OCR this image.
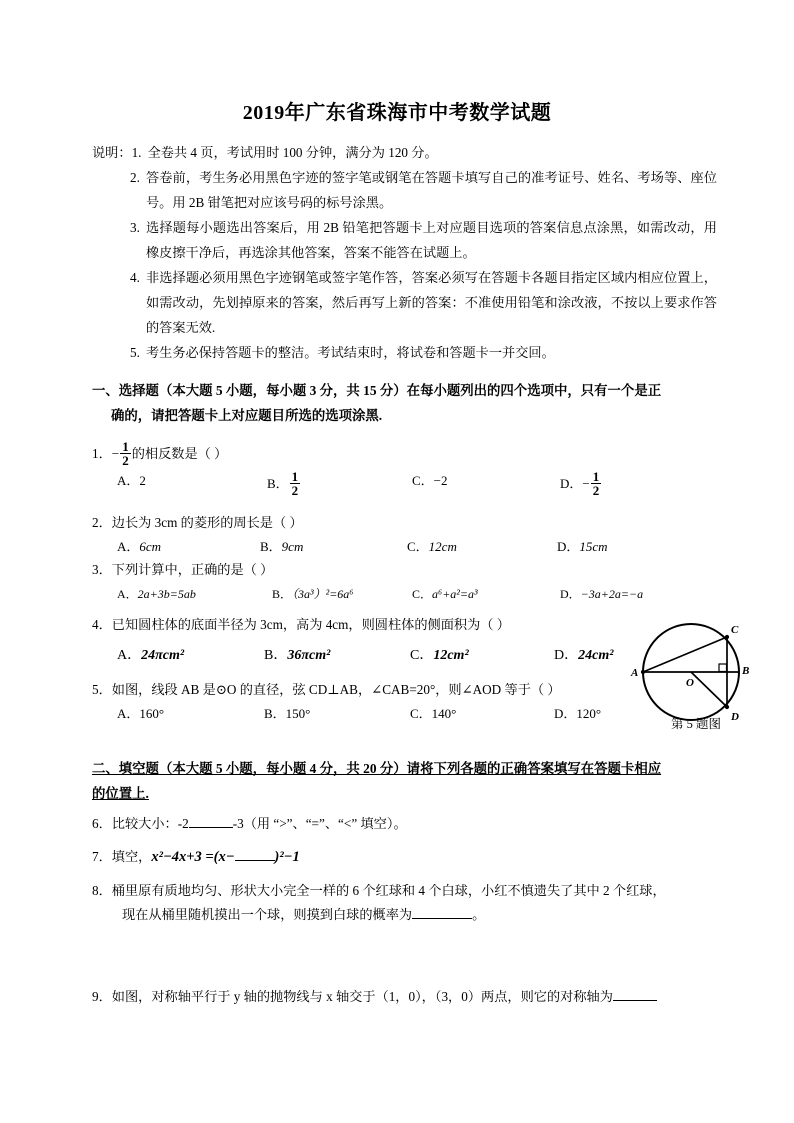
2019年广东省珠海市中考数学试题
说明： 1. 全卷共 4 页，考试用时 100 分钟，满分为 120 分。
2. 答卷前，考生务必用黑色字迹的签字笔或钢笔在答题卡填写自己的准考证号、姓名、考场等、座位号。用 2B 钳笔把对应该号码的标号涂黑。
3. 选择题每小题选出答案后，用 2B 铅笔把答题卡上对应题目选项的答案信息点涂黑，如需改动，用橡皮擦干净后，再选涂其他答案，答案不能答在试题上。
4. 非选择题必须用黑色字迹钢笔或签字笔作答，答案必须写在答题卡各题目指定区域内相应位置上，如需改动，先划掉原来的答案，然后再写上新的答案：不准使用铅笔和涂改液，不按以上要求作答的答案无效.
5. 考生务必保持答题卡的整洁。考试结束时，将试卷和答题卡一并交回。
一、选择题（本大题 5 小题，每小题 3 分，共 15 分）在每小题列出的四个选项中，只有一个是正
确的，请把答题卡上对应题目所选的选项涂黑.
1．− $\frac{1}{2}$ 的相反数是（ ）
A．2	B． $\frac{1}{2}$	C．−2	D．− $\frac{1}{2}$
2．边长为 3cm 的菱形的周长是（ ）
A．6cm	B．9cm	C．12cm	D．15cm
3．下列计算中，正确的是（ ）
A．2a+3b=5ab	B．（3a³）²=6a⁶	C．a⁶+a²=a³	D．−3a+2a=−a
4．已知圆柱体的底面半径为 3cm，高为 4cm，则圆柱体的侧面积为（ ）
A．24πcm²	B．36πcm²	C．12cm²	D．24cm²
5．如图，线段 AB 是⊙O 的直径，弦 CD⊥AB，∠CAB=20°，则∠AOD 等于（ ）
A．160°	B．150°	C．140°	D．120°
A	B
C
D
O
第 5 题图
二、填空题（本大题 5 小题，每小题 4 分，共 20 分）请将下列各题的正确答案填写在答题卡相应
的位置上.
6．比较大小：-2	-3（用 “>”、“=”、“<” 填空）。
7．填空，x²−4x+3 =(x−	)²−1
8．桶里原有质地均匀、形状大小完全一样的 6 个红球和 4 个白球，小红不慎遗失了其中 2 个红球，
现在从桶里随机摸出一个球，则摸到白球的概率为	。
9．如图，对称轴平行于 y 轴的抛物线与 x 轴交于（1，0），（3，0）两点，则它的对称轴为
